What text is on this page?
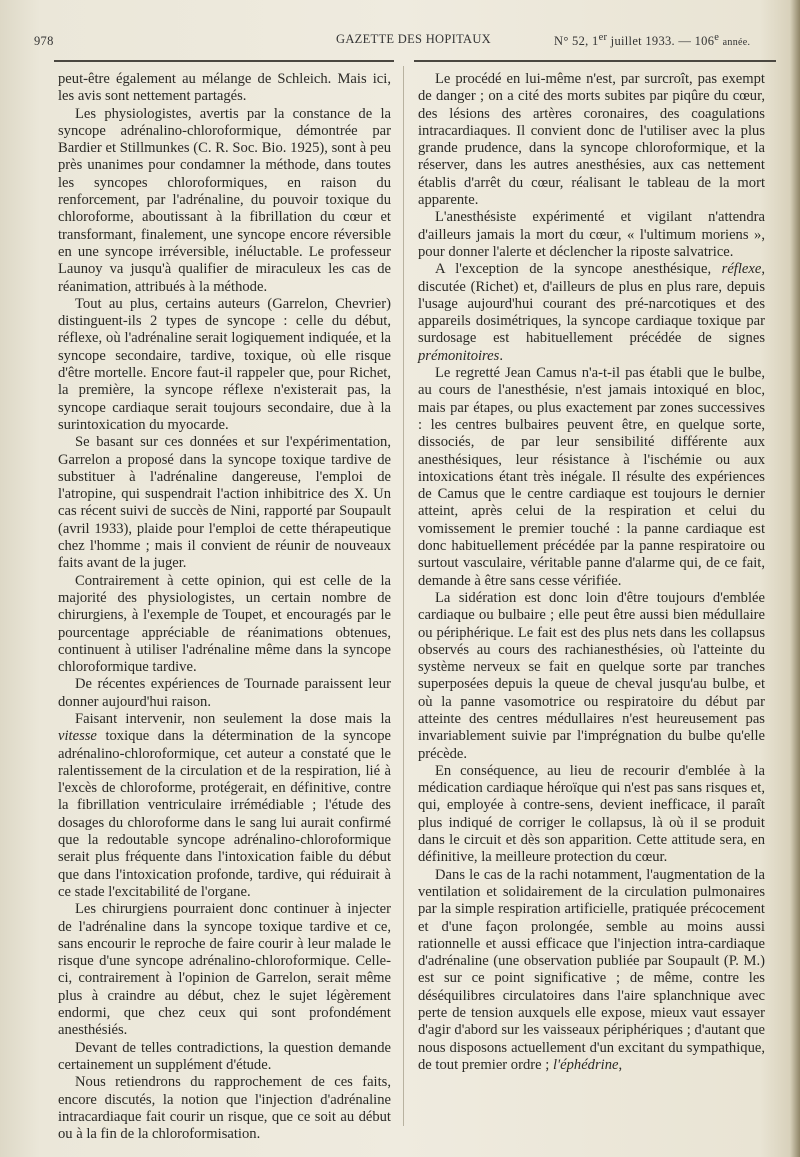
978	GAZETTE DES HOPITAUX	N° 52, 1er juillet 1933. — 106e année.

peut-être également au mélange de Schleich. Mais ici, les avis sont nettement partagés.

Les physiologistes, avertis par la constance de la syncope adrénalino-chloroformique, démontrée par Bardier et Stillmunkes (C. R. Soc. Bio. 1925), sont à peu près unanimes pour condamner la méthode, dans toutes les syncopes chloroformiques, en raison du renforcement, par l'adrénaline, du pouvoir toxique du chloroforme, aboutissant à la fibrillation du cœur et transformant, finalement, une syncope encore réversible en une syncope irréversible, inéluctable. Le professeur Launoy va jusqu'à qualifier de miraculeux les cas de réanimation, attribués à la méthode.

Tout au plus, certains auteurs (Garrelon, Chevrier) distinguent-ils 2 types de syncope : celle du début, réflexe, où l'adrénaline serait logiquement indiquée, et la syncope secondaire, tardive, toxique, où elle risque d'être mortelle. Encore faut-il rappeler que, pour Richet, la première, la syncope réflexe n'existerait pas, la syncope cardiaque serait toujours secondaire, due à la surintoxication du myocarde.

Se basant sur ces données et sur l'expérimentation, Garrelon a proposé dans la syncope toxique tardive de substituer à l'adrénaline dangereuse, l'emploi de l'atropine, qui suspendrait l'action inhibitrice des X. Un cas récent suivi de succès de Nini, rapporté par Soupault (avril 1933), plaide pour l'emploi de cette thérapeutique chez l'homme ; mais il convient de réunir de nouveaux faits avant de la juger.

Contrairement à cette opinion, qui est celle de la majorité des physiologistes, un certain nombre de chirurgiens, à l'exemple de Toupet, et encouragés par le pourcentage appréciable de réanimations obtenues, continuent à utiliser l'adrénaline même dans la syncope chloroformique tardive.

De récentes expériences de Tournade paraissent leur donner aujourd'hui raison.

Faisant intervenir, non seulement la dose mais la vitesse toxique dans la détermination de la syncope adrénalino-chloroformique, cet auteur a constaté que le ralentissement de la circulation et de la respiration, lié à l'excès de chloroforme, protégerait, en définitive, contre la fibrillation ventriculaire irrémédiable ; l'étude des dosages du chloroforme dans le sang lui aurait confirmé que la redoutable syncope adrénalino-chloroformique serait plus fréquente dans l'intoxication faible du début que dans l'intoxication profonde, tardive, qui réduirait à ce stade l'excitabilité de l'organe.

Les chirurgiens pourraient donc continuer à injecter de l'adrénaline dans la syncope toxique tardive et ce, sans encourir le reproche de faire courir à leur malade le risque d'une syncope adrénalino-chloroformique. Celle-ci, contrairement à l'opinion de Garrelon, serait même plus à craindre au début, chez le sujet légèrement endormi, que chez ceux qui sont profondément anesthésiés.

Devant de telles contradictions, la question demande certainement un supplément d'étude.

Nous retiendrons du rapprochement de ces faits, encore discutés, la notion que l'injection d'adrénaline intracardiaque fait courir un risque, que ce soit au début ou à la fin de la chloroformisation.

Le procédé en lui-même n'est, par surcroît, pas exempt de danger ; on a cité des morts subites par piqûre du cœur, des lésions des artères coronaires, des coagulations intracardiaques. Il convient donc de l'utiliser avec la plus grande prudence, dans la syncope chloroformique, et la réserver, dans les autres anesthésies, aux cas nettement établis d'arrêt du cœur, réalisant le tableau de la mort apparente.

L'anesthésiste expérimenté et vigilant n'attendra d'ailleurs jamais la mort du cœur, « l'ultimum moriens », pour donner l'alerte et déclencher la riposte salvatrice.

A l'exception de la syncope anesthésique, réflexe, discutée (Richet) et, d'ailleurs de plus en plus rare, depuis l'usage aujourd'hui courant des pré-narcotiques et des appareils dosimétriques, la syncope cardiaque toxique par surdosage est habituellement précédée de signes prémonitoires.

Le regretté Jean Camus n'a-t-il pas établi que le bulbe, au cours de l'anesthésie, n'est jamais intoxiqué en bloc, mais par étapes, ou plus exactement par zones successives : les centres bulbaires peuvent être, en quelque sorte, dissociés, de par leur sensibilité différente aux anesthésiques, leur résistance à l'ischémie ou aux intoxications étant très inégale. Il résulte des expériences de Camus que le centre cardiaque est toujours le dernier atteint, après celui de la respiration et celui du vomissement le premier touché : la panne cardiaque est donc habituellement précédée par la panne respiratoire ou surtout vasculaire, véritable panne d'alarme qui, de ce fait, demande à être sans cesse vérifiée.

La sidération est donc loin d'être toujours d'emblée cardiaque ou bulbaire ; elle peut être aussi bien médullaire ou périphérique. Le fait est des plus nets dans les collapsus observés au cours des rachianesthésies, où l'atteinte du système nerveux se fait en quelque sorte par tranches superposées depuis la queue de cheval jusqu'au bulbe, et où la panne vasomotrice ou respiratoire du début par atteinte des centres médullaires n'est heureusement pas invariablement suivie par l'imprégnation du bulbe qu'elle précède.

En conséquence, au lieu de recourir d'emblée à la médication cardiaque héroïque qui n'est pas sans risques et, qui, employée à contre-sens, devient inefficace, il paraît plus indiqué de corriger le collapsus, là où il se produit dans le circuit et dès son apparition. Cette attitude sera, en définitive, la meilleure protection du cœur.

Dans le cas de la rachi notamment, l'augmentation de la ventilation et solidairement de la circulation pulmonaires par la simple respiration artificielle, pratiquée précocement et d'une façon prolongée, semble au moins aussi rationnelle et aussi efficace que l'injection intra-cardiaque d'adrénaline (une observation publiée par Soupault (P. M.) est sur ce point significative ; de même, contre les déséquilibres circulatoires dans l'aire splanchnique avec perte de tension auxquels elle expose, mieux vaut essayer d'agir d'abord sur les vaisseaux périphériques ; d'autant que nous disposons actuellement d'un excitant du sympathique, de tout premier ordre ; l'éphédrine,
